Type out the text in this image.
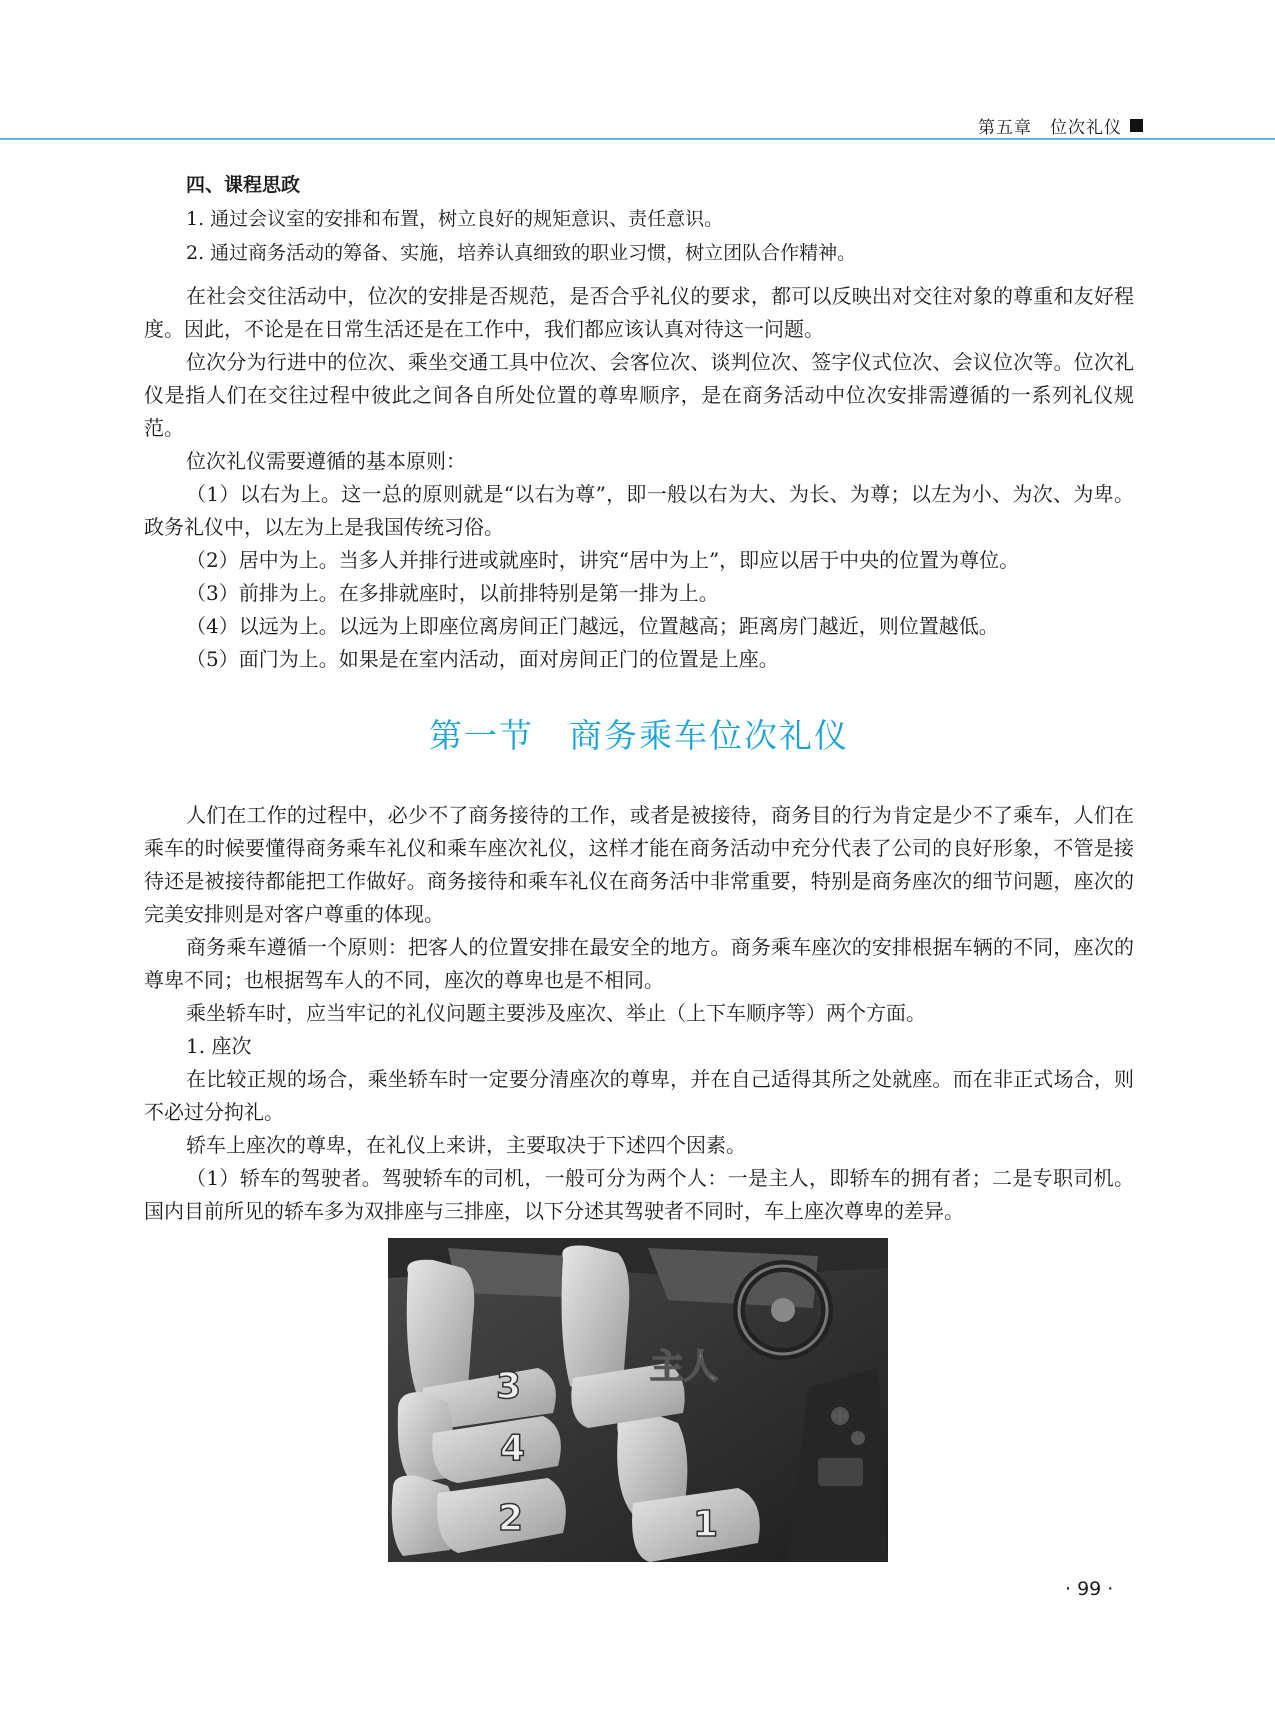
第五章　位次礼仪
四、课程思政
1. 通过会议室的安排和布置，树立良好的规矩意识、责任意识。
2. 通过商务活动的筹备、实施，培养认真细致的职业习惯，树立团队合作精神。

在社会交往活动中，位次的安排是否规范，是否合乎礼仪的要求，都可以反映出对交往对象的尊重和友好程度。因此，不论是在日常生活还是在工作中，我们都应该认真对待这一问题。

位次分为行进中的位次、乘坐交通工具中位次、会客位次、谈判位次、签字仪式位次、会议位次等。位次礼仪是指人们在交往过程中彼此之间各自所处位置的尊卑顺序，是在商务活动中位次安排需遵循的一系列礼仪规范。

位次礼仪需要遵循的基本原则：

（1）以右为上。这一总的原则就是“以右为尊”，即一般以右为大、为长、为尊；以左为小、为次、为卑。政务礼仪中，以左为上是我国传统习俗。

（2）居中为上。当多人并排行进或就座时，讲究“居中为上”，即应以居于中央的位置为尊位。

（3）前排为上。在多排就座时，以前排特别是第一排为上。

（4）以远为上。以远为上即座位离房间正门越远，位置越高；距离房门越近，则位置越低。

（5）面门为上。如果是在室内活动，面对房间正门的位置是上座。

第一节　商务乘车位次礼仪

人们在工作的过程中，必少不了商务接待的工作，或者是被接待，商务目的行为肯定是少不了乘车，人们在乘车的时候要懂得商务乘车礼仪和乘车座次礼仪，这样才能在商务活动中充分代表了公司的良好形象，不管是接待还是被接待都能把工作做好。商务接待和乘车礼仪在商务活中非常重要，特别是商务座次的细节问题，座次的完美安排则是对客户尊重的体现。

商务乘车遵循一个原则：把客人的位置安排在最安全的地方。商务乘车座次的安排根据车辆的不同，座次的尊卑不同；也根据驾车人的不同，座次的尊卑也是不相同。

乘坐轿车时，应当牢记的礼仪问题主要涉及座次、举止（上下车顺序等）两个方面。

1. 座次

在比较正规的场合，乘坐轿车时一定要分清座次的尊卑，并在自己适得其所之处就座。而在非正式场合，则不必过分拘礼。

轿车上座次的尊卑，在礼仪上来讲，主要取决于下述四个因素。

（1）轿车的驾驶者。驾驶轿车的司机，一般可分为两个人：一是主人，即轿车的拥有者；二是专职司机。国内目前所见的轿车多为双排座与三排座，以下分述其驾驶者不同时，车上座次尊卑的差异。

主人
3
4
2	1
· 99 ·
